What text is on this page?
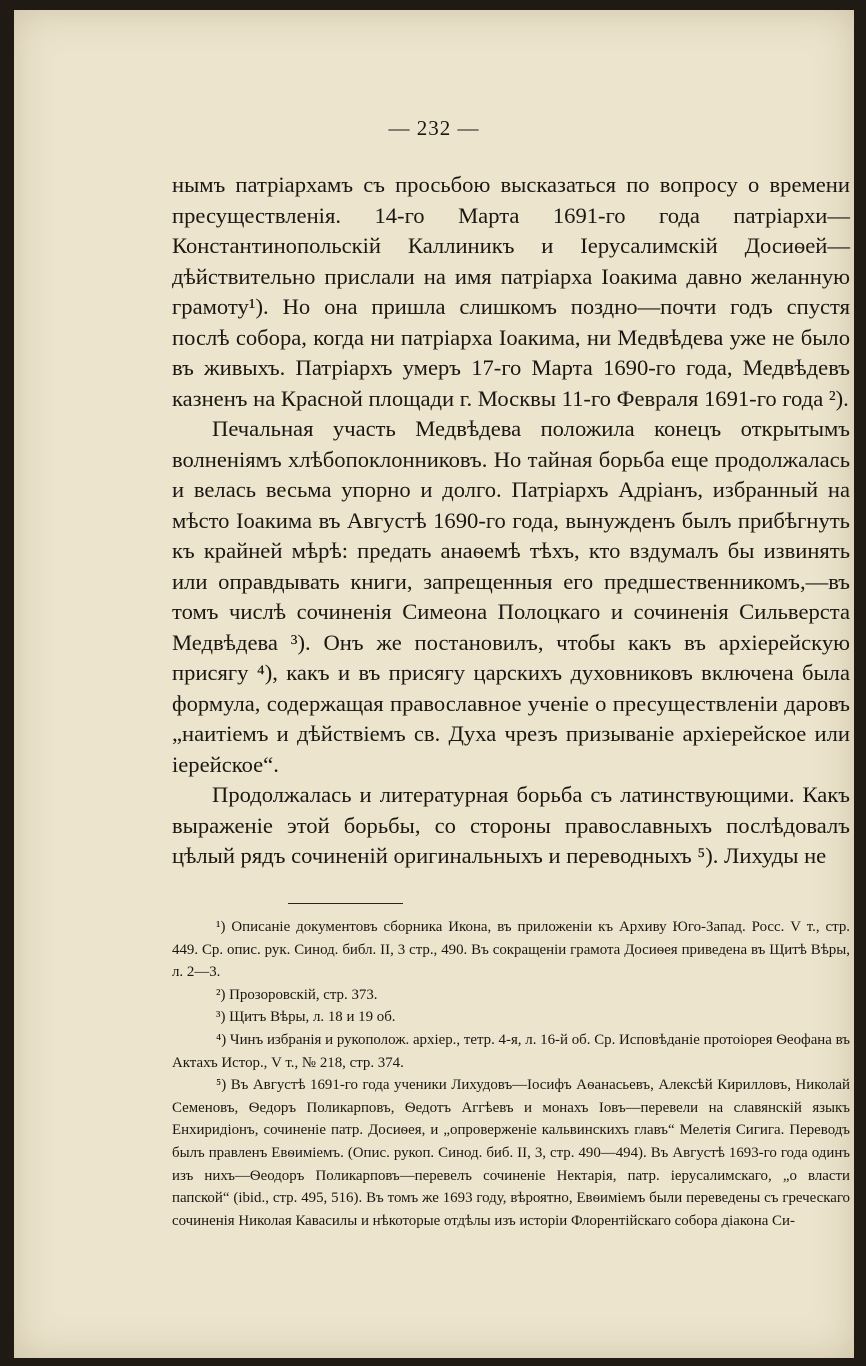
— 232 —

нымъ патріархамъ съ просьбою высказаться по вопросу о времени пресуществленія. 14-го Марта 1691-го года патріархи—Константинопольскій Каллиникъ и Іерусалимскій Досиѳей—дѣйствительно прислали на имя патріарха Іоакима давно желанную грамоту¹). Но она пришла слишкомъ поздно—почти годъ спустя послѣ собора, когда ни патріарха Іоакима, ни Медвѣдева уже не было въ живыхъ. Патріархъ умеръ 17-го Марта 1690-го года, Медвѣдевъ казненъ на Красной площади г. Москвы 11-го Февраля 1691-го года ²).

Печальная участь Медвѣдева положила конецъ открытымъ волненіямъ хлѣбопоклонниковъ. Но тайная борьба еще продолжалась и велась весьма упорно и долго. Патріархъ Адріанъ, избранный на мѣсто Іоакима въ Августѣ 1690-го года, вынужденъ былъ прибѣгнуть къ крайней мѣрѣ: предать анаѳемѣ тѣхъ, кто вздумалъ бы извинять или оправдывать книги, запрещенныя его предшественникомъ,—въ томъ числѣ сочиненія Симеона Полоцкаго и сочиненія Сильверста Медвѣдева ³). Онъ же постановилъ, чтобы какъ въ архіерейскую присягу ⁴), какъ и въ присягу царскихъ духовниковъ включена была формула, содержащая православное ученіе о пресуществленіи даровъ „наитіемъ и дѣйствіемъ св. Духа чрезъ призываніе архіерейское или іерейское“.

Продолжалась и литературная борьба съ латинствующими. Какъ выраженіе этой борьбы, со стороны православныхъ послѣдовалъ цѣлый рядъ сочиненій оригинальныхъ и переводныхъ ⁵). Лихуды не

¹) Описаніе документовъ сборника Икона, въ приложеніи къ Архиву Юго-Запад. Росс. V т., стр. 449. Ср. опис. рук. Синод. библ. II, 3 стр., 490. Въ сокращеніи грамота Досиѳея приведена въ Щитѣ Вѣры, л. 2—3.

²) Прозоровскій, стр. 373.

³) Щитъ Вѣры, л. 18 и 19 об.

⁴) Чинъ избранія и рукополож. архіер., тетр. 4-я, л. 16-й об. Ср. Исповѣданіе протоіорея Ѳеофана въ Актахъ Истор., V т., № 218, стр. 374.

⁵) Въ Августѣ 1691-го года ученики Лихудовъ—Іосифъ Аѳанасьевъ, Алексѣй Кирилловъ, Николай Семеновъ, Ѳедоръ Поликарповъ, Ѳедотъ Аггѣевъ и монахъ Іовъ—перевели на славянскій языкъ Енхиридіонъ, сочиненіе патр. Досиѳея, и „опроверженіе кальвинскихъ главъ“ Мелетія Сигига. Переводъ былъ правленъ Евѳиміемъ. (Опис. рукоп. Синод. биб. II, 3, стр. 490—494). Въ Августѣ 1693-го года одинъ изъ нихъ—Ѳеодоръ Поликарповъ—перевелъ сочиненіе Нектарія, патр. іерусалимскаго, „о власти папской“ (ibid., стр. 495, 516). Въ томъ же 1693 году, вѣроятно, Евѳиміемъ были переведены съ греческаго сочиненія Николая Кавасилы и нѣкоторые отдѣлы изъ исторіи Флорентійскаго собора діакона Си-
